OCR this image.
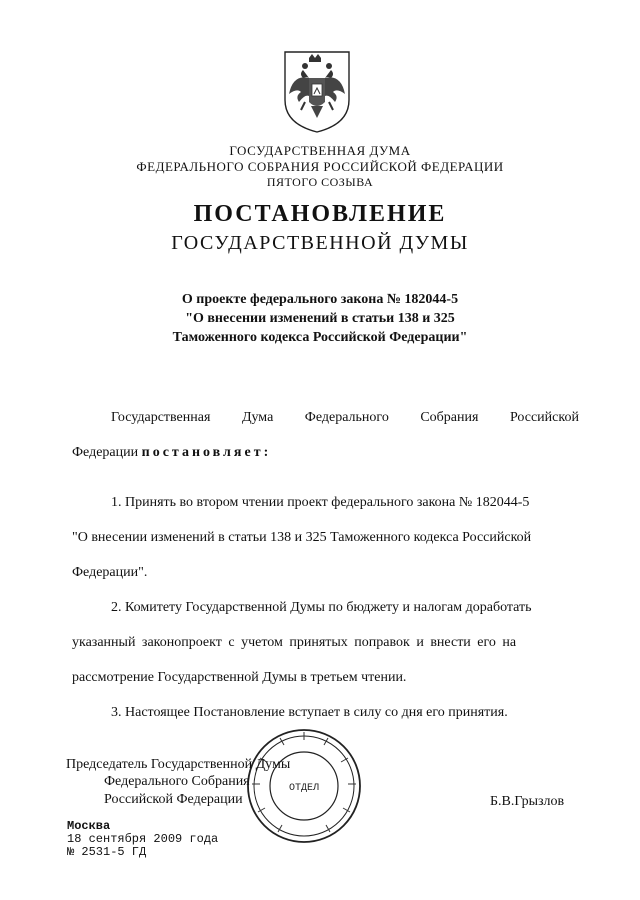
ГОСУДАРСТВЕННАЯ ДУМА
ФЕДЕРАЛЬНОГО СОБРАНИЯ РОССИЙСКОЙ ФЕДЕРАЦИИ
ПЯТОГО СОЗЫВА
ПОСТАНОВЛЕНИЕ
ГОСУДАРСТВЕННОЙ ДУМЫ
О проекте федерального закона № 182044-5
"О внесении изменений в статьи 138 и 325
Таможенного кодекса Российской Федерации"
Государственная Дума Федерального Собрания Российской
Федерации постановляет:
1. Принять во втором чтении проект федерального закона № 182044-5
"О внесении изменений в статьи 138 и 325 Таможенного кодекса Российской
Федерации".
2. Комитету Государственной Думы по бюджету и налогам доработать
указанный законопроект с учетом принятых поправок и внести его на
рассмотрение Государственной Думы в третьем чтении.
3. Настоящее Постановление вступает в силу со дня его принятия.
ОТДЕЛ
Председатель Государственной Думы
Федерального Собрания
Российской Федерации	Б.В.Грызлов
Москва
18 сентября 2009 года
№ 2531-5 ГД
